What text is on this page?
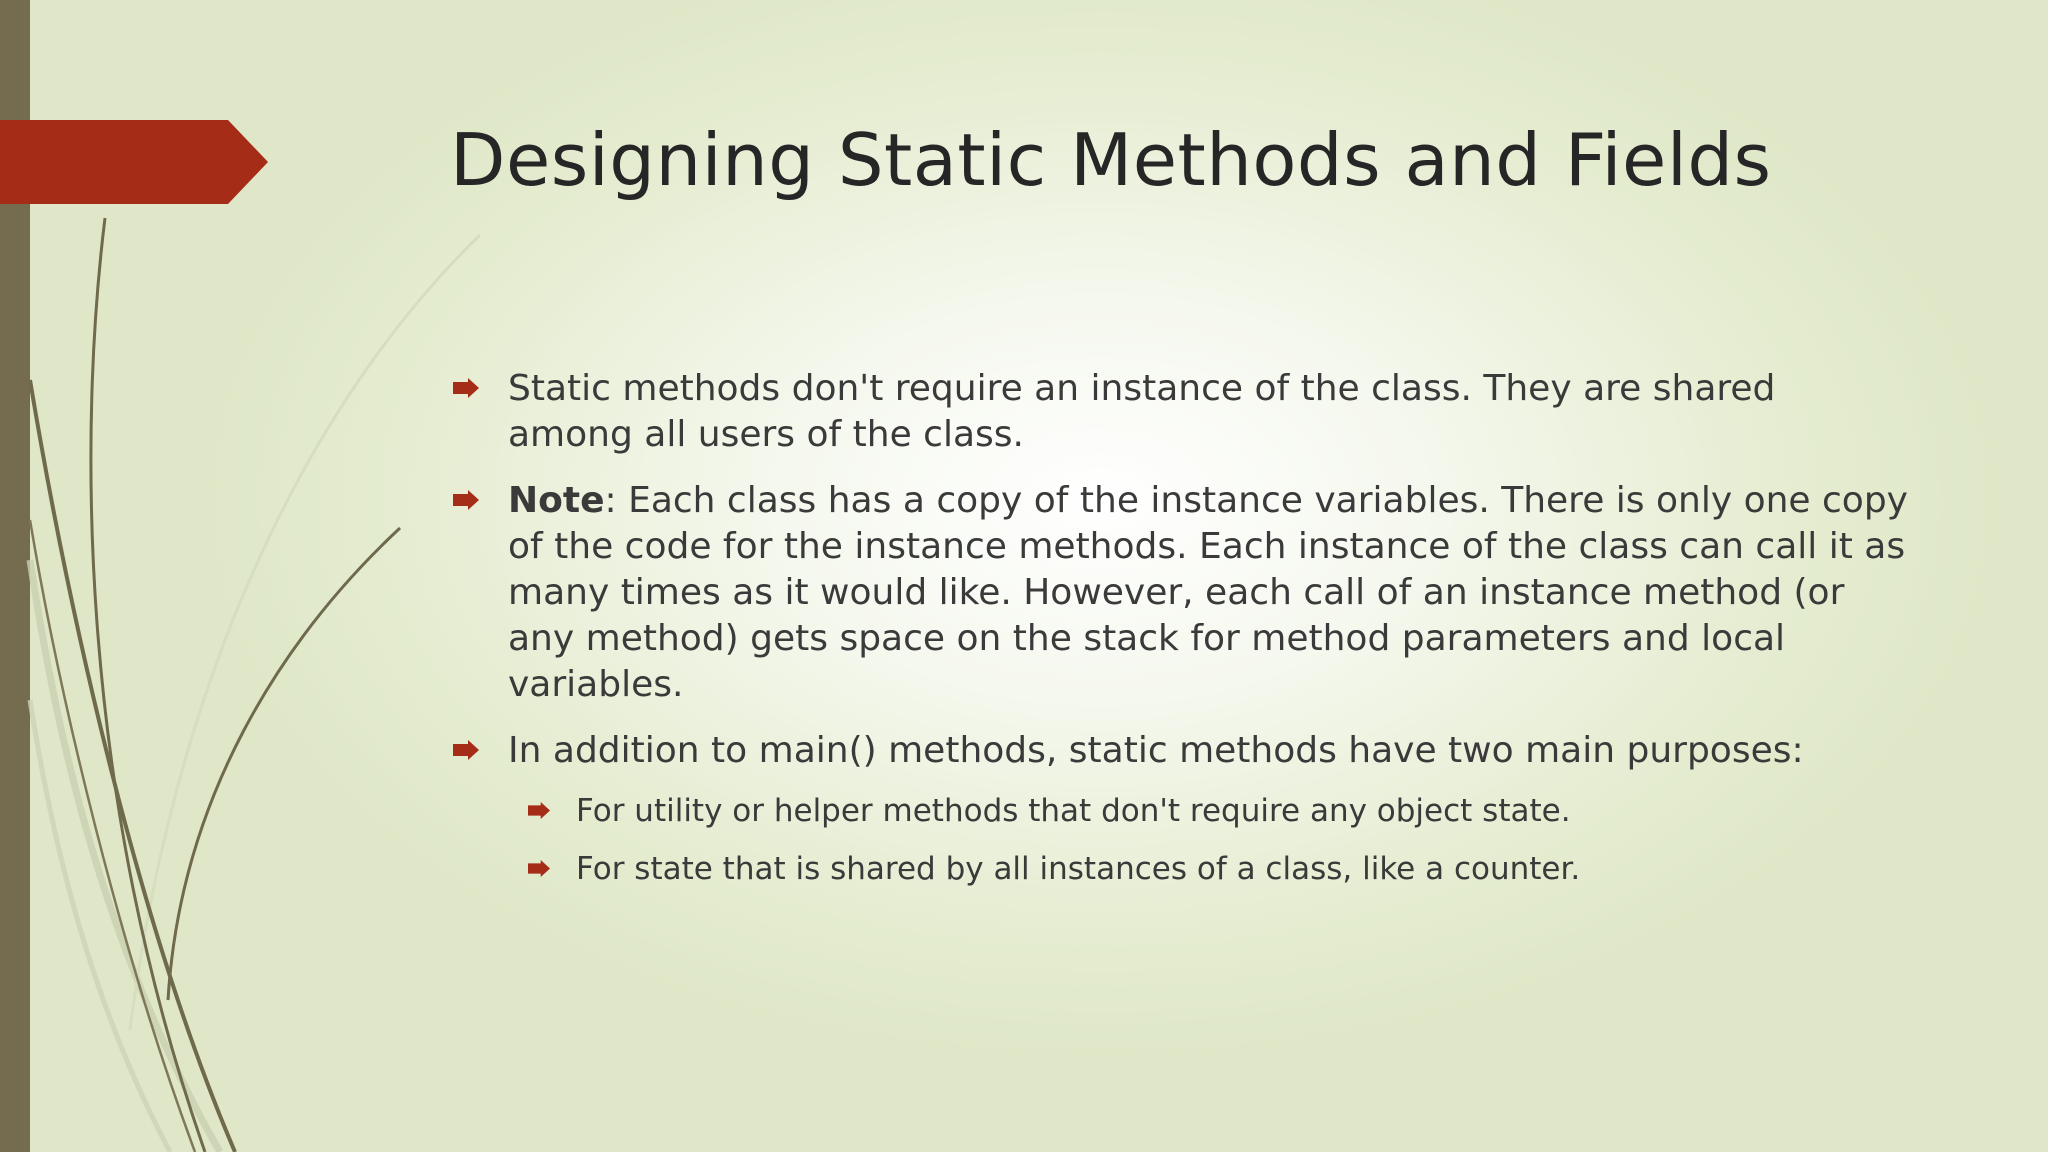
Designing Static Methods and Fields
Static methods don't require an instance of the class. They are shared among all users of the class.
Note: Each class has a copy of the instance variables. There is only one copy of the code for the instance methods. Each instance of the class can call it as many times as it would like. However, each call of an instance method (or any method) gets space on the stack for method parameters and local variables.
In addition to main() methods, static methods have two main purposes:
For utility or helper methods that don't require any object state.
For state that is shared by all instances of a class, like a counter.
